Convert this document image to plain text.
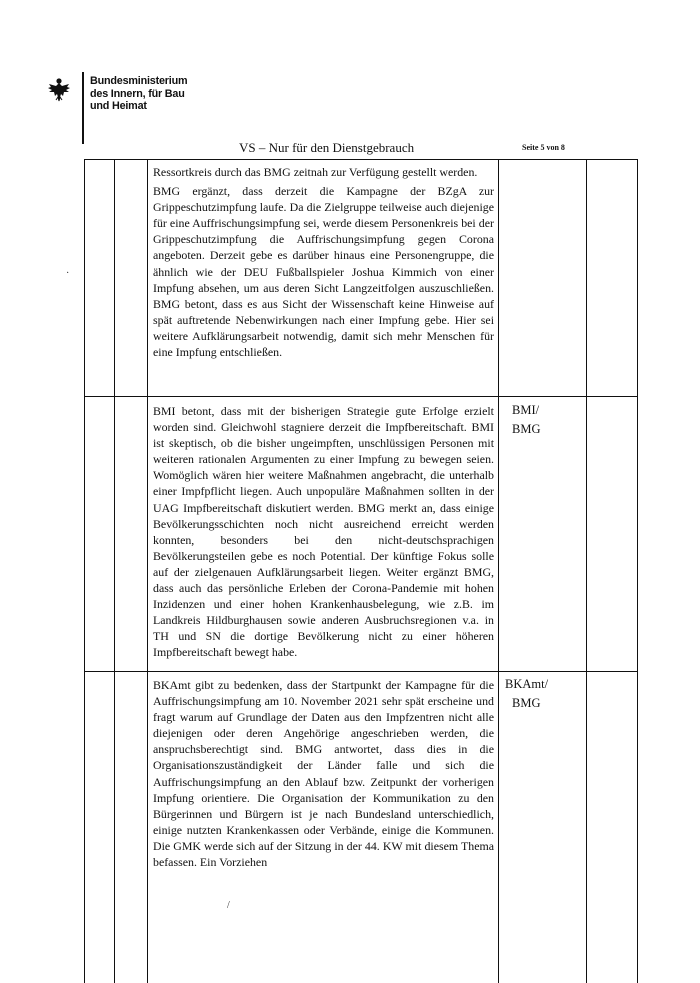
Bundesministerium
des Innern, für Bau
und Heimat
VS – Nur für den Dienstgebrauch	Seite 5 von 8

Ressortkreis durch das BMG zeitnah zur Verfügung gestellt werden.

BMG ergänzt, dass derzeit die Kampagne der BZgA zur Grippeschutzimpfung laufe. Da die Zielgruppe teilweise auch diejenige für eine Auffrischungsimpfung sei, werde diesem Personenkreis bei der Grippeschutzimpfung die Auffrischungsimpfung gegen Corona angeboten. Derzeit gebe es darüber hinaus eine Personengruppe, die ähnlich wie der DEU Fußballspieler Joshua Kimmich von einer Impfung absehen, um aus deren Sicht Langzeitfolgen auszuschließen. BMG betont, dass es aus Sicht der Wissenschaft keine Hinweise auf spät auftretende Nebenwirkungen nach einer Impfung gebe. Hier sei weitere Aufklärungsarbeit notwendig, damit sich mehr Menschen für eine Impfung entschließen.

BMI betont, dass mit der bisherigen Strategie gute Erfolge erzielt worden sind. Gleichwohl stagniere derzeit die Impfbereitschaft. BMI ist skeptisch, ob die bisher ungeimpften, unschlüssigen Personen mit weiteren rationalen Argumenten zu einer Impfung zu bewegen seien. Womöglich wären hier weitere Maßnahmen angebracht, die unterhalb einer Impfpflicht liegen. Auch unpopuläre Maßnahmen sollten in der UAG Impfbereitschaft diskutiert werden. BMG merkt an, dass einige Bevölkerungsschichten noch nicht ausreichend erreicht werden konnten, besonders bei den nicht-deutschsprachigen Bevölkerungsteilen gebe es noch Potential. Der künftige Fokus solle auf der zielgenauen Aufklärungsarbeit liegen. Weiter ergänzt BMG, dass auch das persönliche Erleben der Corona-Pandemie mit hohen Inzidenzen und einer hohen Krankenhausbelegung, wie z.B. im Landkreis Hildburghausen sowie anderen Ausbruchsregionen v.a. in TH und SN die dortige Bevölkerung nicht zu einer höheren Impfbereitschaft bewegt habe.

BMI/
BMG

BKAmt gibt zu bedenken, dass der Startpunkt der Kampagne für die Auffrischungsimpfung am 10. November 2021 sehr spät erscheine und fragt warum auf Grundlage der Daten aus den Impfzentren nicht alle diejenigen oder deren Angehörige angeschrieben werden, die anspruchsberechtigt sind. BMG antwortet, dass dies in die Organisationszuständigkeit der Länder falle und sich die Auffrischungsimpfung an den Ablauf bzw. Zeitpunkt der vorherigen Impfung orientiere. Die Organisation der Kommunikation zu den Bürgerinnen und Bürgern ist je nach Bundesland unterschiedlich, einige nutzten Krankenkassen oder Verbände, einige die Kommunen. Die GMK werde sich auf der Sitzung in der 44. KW mit diesem Thema befassen. Ein Vorziehen

BKAmt/
BMG
·
/
